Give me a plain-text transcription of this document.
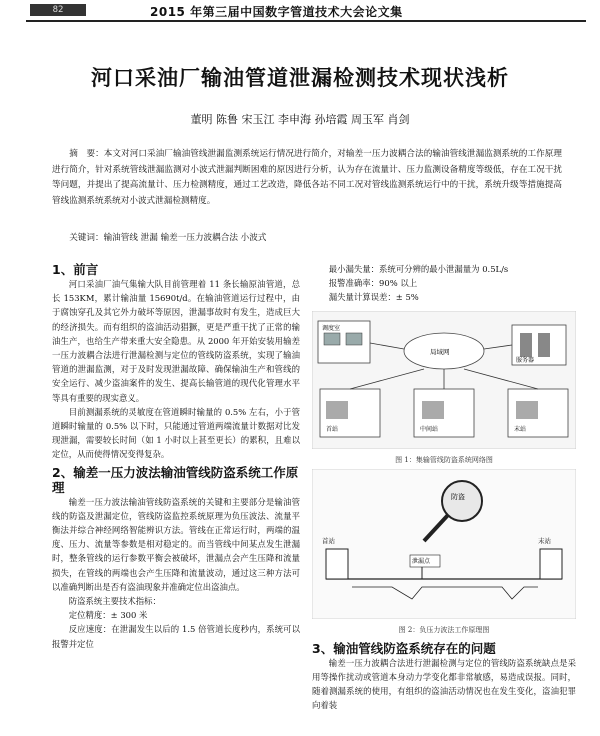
82	2015 年第三届中国数字管道技术大会论文集
河口采油厂输油管道泄漏检测技术现状浅析
董明 陈鲁 宋玉江 李申海 孙培霞 周玉军 肖剑
摘　要：本文对河口采油厂输油管线泄漏监测系统运行情况进行简介，对输差一压力波耦合法的输油管线泄漏监测系统的工作原理进行简介，针对系统管线泄漏监测对小波式泄漏判断困难的原因进行分析，认为存在流量计、压力监测设备精度等级低，存在工况干扰等问题，并提出了提高流量计、压力检测精度，通过工艺改造，降低各站不同工况对管线监测系统运行中的干扰，系统升级等措施提高管线监测系统系统对小波式泄漏检测精度。
关键词：输油管线 泄漏 输差一压力波耦合法 小波式
1、前言

河口采油厂油气集输大队目前管理着 11 条长输原油管道，总长 153KM，累计输油量 15690t/d。在输油管道运行过程中，由于腐蚀穿孔及其它外力破坏等原因，泄漏事故时有发生，造成巨大的经济损失。而有组织的盗油活动猖獗，更是严重干扰了正常的输油生产，也给生产带来重大安全隐患。从 2000 年开始安装用输差一压力波耦合法进行泄漏检测与定位的管线防盗系统，实现了输油管道的泄漏监测，对于及时发现泄漏故障、确保输油生产和管线的安全运行、减少盗油案件的发生、提高长输管道的现代化管理水平等具有重要的现实意义。

目前测漏系统的灵敏度在管道瞬时输量的 0.5% 左右，小于管道瞬时输量的 0.5% 以下时，只能通过管道两端流量计数据对比发现泄漏，需要较长时间（如 1 小时以上甚至更长）的累积，且难以定位，从而使得情况变得复杂。

2、输差一压力波法输油管线防盗系统工作原理

输差一压力波法输油管线防盗系统的关键和主要部分是输油管线的防盗及泄漏定位，管线防盗监控系统原理为负压波法、流量平衡法并综合神经网络智能辨识方法。管线在正常运行时，两端的温度、压力、流量等参数是相对稳定的。而当管线中间某点发生泄漏时，整条管线的运行参数平衡会被破坏，泄漏点会产生压降和流量损失，在管线的两端也会产生压降和流量波动，通过这三种方法可以准确判断出是否有盗油现象并准确定位出盗油点。

防盗系统主要技术指标：

定位精度：± 300 米

反应速度：在泄漏发生以后的 1.5 倍管道长度秒内，系统可以报警并定位

最小漏失量：系统可分辨的最小泄漏量为 0.5L/s

报警准确率：90% 以上

漏失量计算误差：± 5%

调度室
局域网
服务器
首站	中间站	末站
图 1：集输管线防盗系统网络图
防盗
首站	末站
泄漏点
图 2：负压力波法工作原理图
3、输油管线防盗系统存在的问题

输差一压力波耦合法进行泄漏检测与定位的管线防盗系统缺点是采用等操作扰动或管道本身动力学变化都非常敏感，易造成误报。同时，随着测漏系统的使用，有组织的盗油活动情况也在发生变化，盗油犯罪向着装
